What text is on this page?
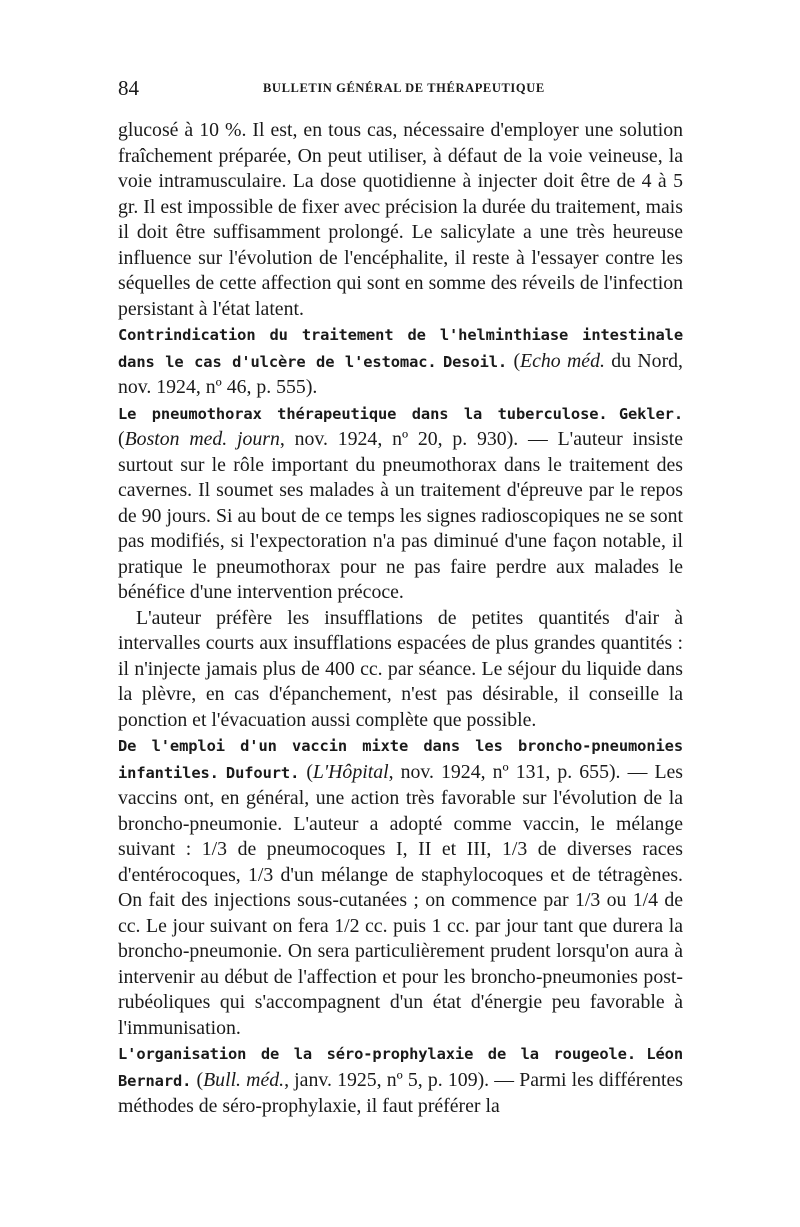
84	BULLETIN GÉNÉRAL DE THÉRAPEUTIQUE

glucosé à 10 %. Il est, en tous cas, nécessaire d'employer une solution fraîchement préparée, On peut utiliser, à défaut de la voie veineuse, la voie intramusculaire. La dose quotidienne à injecter doit être de 4 à 5 gr. Il est impossible de fixer avec précision la durée du traitement, mais il doit être suffisamment prolongé. Le salicylate a une très heureuse influence sur l'évolution de l'encéphalite, il reste à l'essayer contre les séquelles de cette affection qui sont en somme des réveils de l'infection persistant à l'état latent.

Contrindication du traitement de l'helminthiase intestinale dans le cas d'ulcère de l'estomac. Desoil. (Echo méd. du Nord, nov. 1924, nº 46, p. 555).

Le pneumothorax thérapeutique dans la tuberculose. Gekler. (Boston med. journ, nov. 1924, nº 20, p. 930). — L'auteur insiste surtout sur le rôle important du pneumothorax dans le traitement des cavernes. Il soumet ses malades à un traitement d'épreuve par le repos de 90 jours. Si au bout de ce temps les signes radioscopiques ne se sont pas modifiés, si l'expectoration n'a pas diminué d'une façon notable, il pratique le pneumothorax pour ne pas faire perdre aux malades le bénéfice d'une intervention précoce.

L'auteur préfère les insufflations de petites quantités d'air à intervalles courts aux insufflations espacées de plus grandes quantités : il n'injecte jamais plus de 400 cc. par séance. Le séjour du liquide dans la plèvre, en cas d'épanchement, n'est pas désirable, il conseille la ponction et l'évacuation aussi complète que possible.

De l'emploi d'un vaccin mixte dans les broncho-pneumonies infantiles. Dufourt. (L'Hôpital, nov. 1924, nº 131, p. 655). — Les vaccins ont, en général, une action très favorable sur l'évolution de la broncho-pneumonie. L'auteur a adopté comme vaccin, le mélange suivant : 1/3 de pneumocoques I, II et III, 1/3 de diverses races d'entérocoques, 1/3 d'un mélange de staphylocoques et de tétragènes. On fait des injections sous-cutanées ; on commence par 1/3 ou 1/4 de cc. Le jour suivant on fera 1/2 cc. puis 1 cc. par jour tant que durera la broncho-pneumonie. On sera particulièrement prudent lorsqu'on aura à intervenir au début de l'affection et pour les broncho-pneumonies post-rubéoliques qui s'accompagnent d'un état d'énergie peu favorable à l'immunisation.

L'organisation de la séro-prophylaxie de la rougeole. Léon Bernard. (Bull. méd., janv. 1925, nº 5, p. 109). — Parmi les différentes méthodes de séro-prophylaxie, il faut préférer la
